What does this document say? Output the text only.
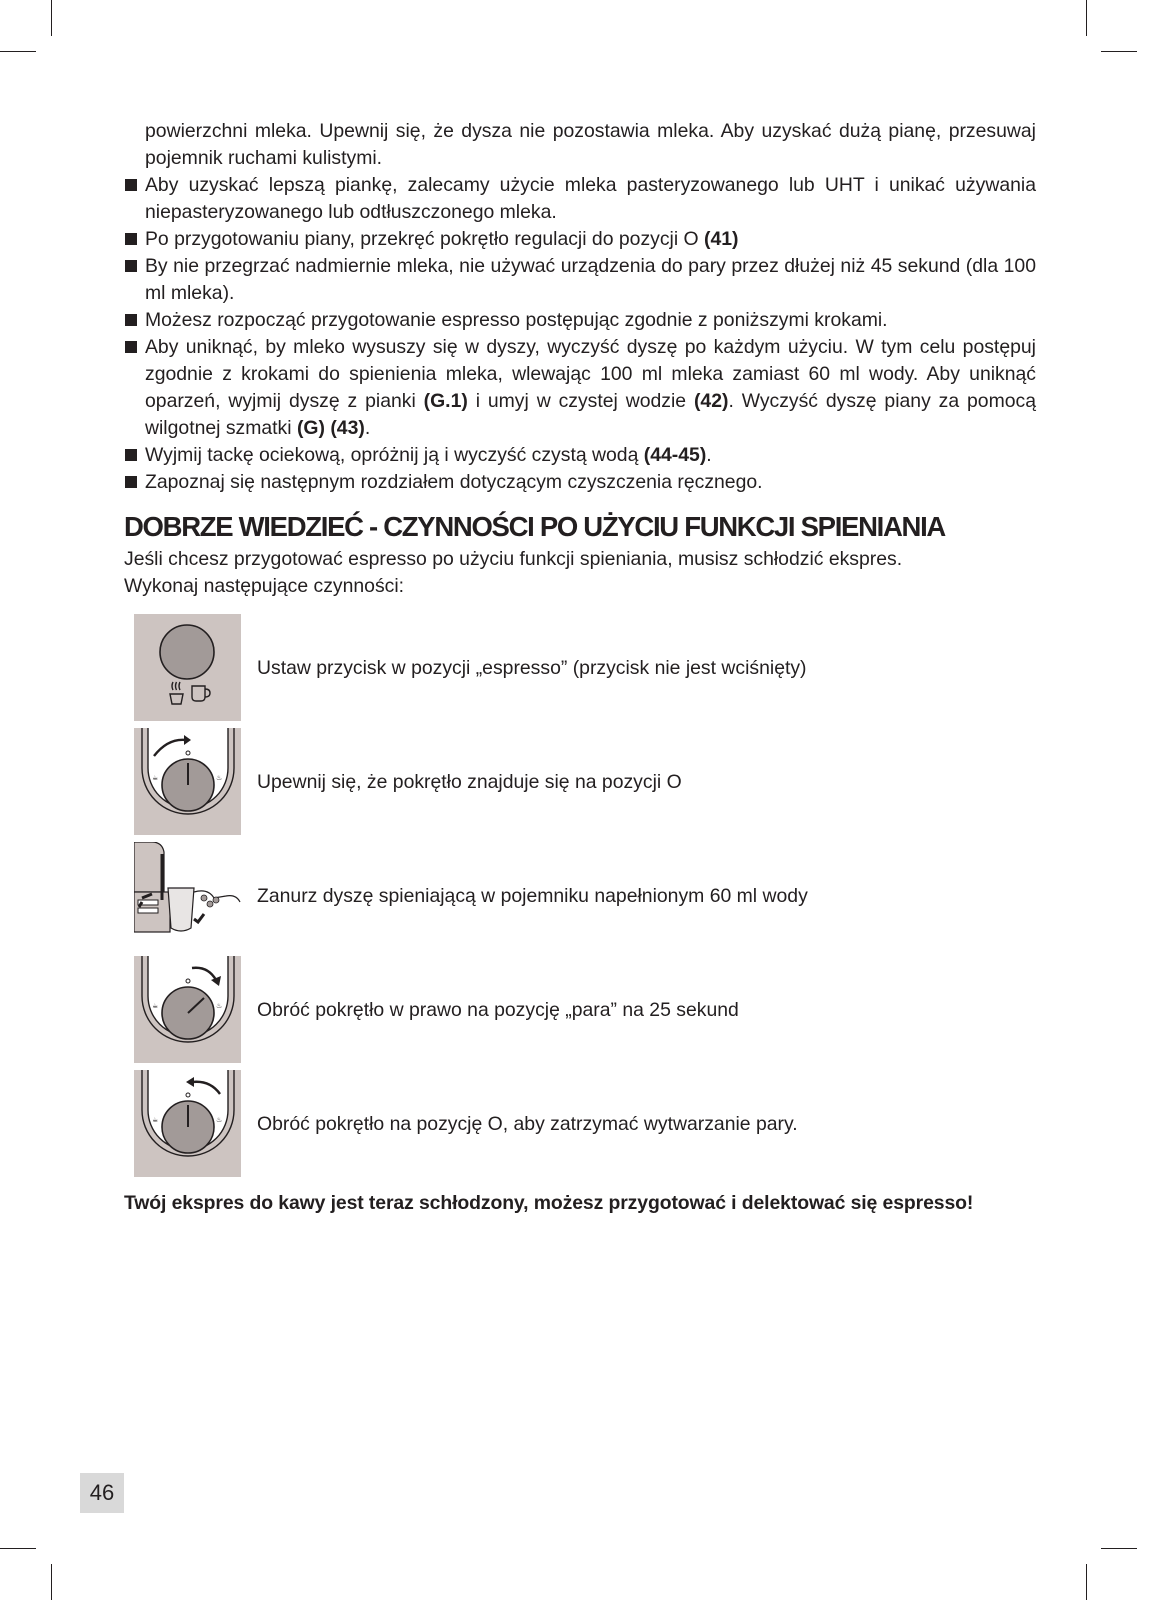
powierzchni mleka. Upewnij się, że dysza nie pozostawia mleka. Aby uzyskać dużą pianę, przesuwaj pojemnik ruchami kulistymi.

Aby uzyskać lepszą piankę, zalecamy użycie mleka pasteryzowanego lub UHT i unikać używania niepasteryzowanego lub odtłuszczonego mleka.
Po przygotowaniu piany, przekręć pokrętło regulacji do pozycji O (41)
By nie przegrzać nadmiernie mleka, nie używać urządzenia do pary przez dłużej niż 45 sekund (dla 100 ml mleka).
Możesz rozpocząć przygotowanie espresso postępując zgodnie z poniższymi krokami.
Aby uniknąć, by mleko wysuszy się w dyszy, wyczyść dyszę po każdym użyciu. W tym celu postępuj zgodnie z krokami do spienienia mleka, wlewając 100 ml mleka zamiast 60 ml wody. Aby uniknąć oparzeń, wyjmij dyszę z pianki (G.1) i umyj w czystej wodzie (42). Wyczyść dyszę piany za pomocą wilgotnej szmatki (G) (43).
Wyjmij tackę ociekową, opróżnij ją i wyczyść czystą wodą (44-45).
Zapoznaj się następnym rozdziałem dotyczącym czyszczenia ręcznego.
DOBRZE WIEDZIEĆ - CZYNNOŚCI PO UŻYCIU FUNKCJI SPIENIANIA
Jeśli chcesz przygotować espresso po użyciu funkcji spieniania, musisz schłodzić ekspres.
Wykonaj następujące czynności:
Ustaw przycisk w pozycji „espresso” (przycisk nie jest wciśnięty)
☕	♨ Upewnij się, że pokrętło znajduje się na pozycji O
Zanurz dyszę spieniającą w pojemniku napełnionym 60 ml wody
☕	♨ Obróć pokrętło w prawo na pozycję „para” na 25 sekund
☕	♨ Obróć pokrętło na pozycję O, aby zatrzymać wytwarzanie pary.
Twój ekspres do kawy jest teraz schłodzony, możesz przygotować i delektować się espresso!
46
